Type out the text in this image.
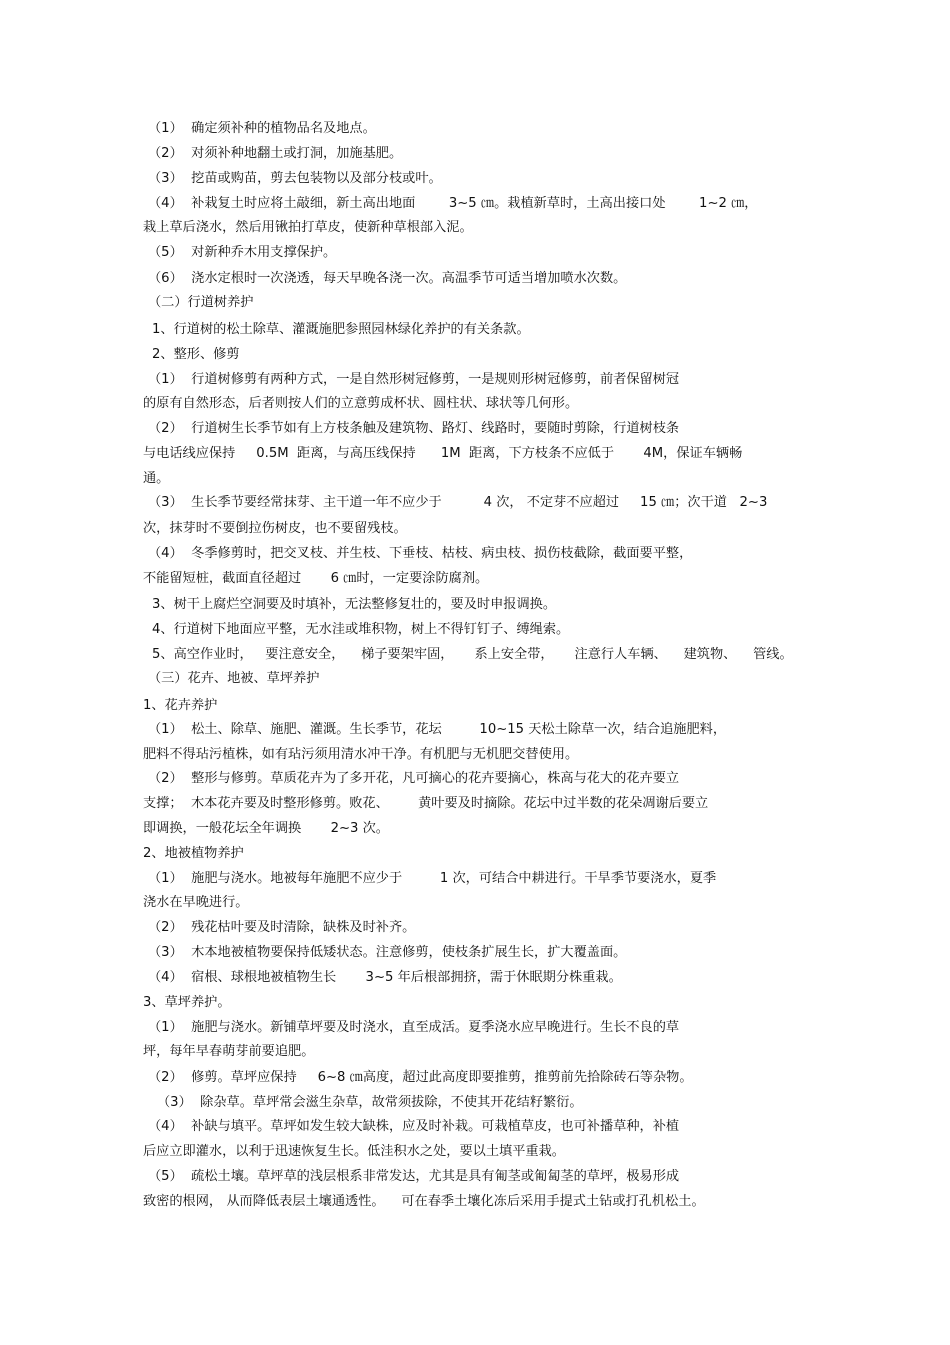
（1）  确定须补种的植物品名及地点。

（2）  对须补种地翻土或打洞，加施基肥。

（3）  挖苗或购苗，剪去包装物以及部分枝或叶。

（4）  补栽复土时应将土敲细，新土高出地面        3~5 ㎝。栽植新草时，土高出接口处        1~2 ㎝，

栽上草后浇水，然后用锹拍打草皮，使新种草根部入泥。

（5）  对新种乔木用支撑保护。

（6）  浇水定根时一次浇透，每天早晚各浇一次。高温季节可适当增加喷水次数。

（二）行道树养护

1、行道树的松土除草、灌溉施肥参照园林绿化养护的有关条款。

2、整形、修剪

（1）  行道树修剪有两种方式，一是自然形树冠修剪，一是规则形树冠修剪，前者保留树冠

的原有自然形态，后者则按人们的立意剪成杯状、圆柱状、球状等几何形。

（2）  行道树生长季节如有上方枝条触及建筑物、路灯、线路时，要随时剪除，行道树枝条

与电话线应保持     0.5M  距离，与高压线保持      1M  距离，下方枝条不应低于       4M，保证车辆畅

通。

（3）  生长季节要经常抹芽、主干道一年不应少于          4 次， 不定芽不应超过     15 ㎝；次干道   2~3

次，抹芽时不要倒拉伤树皮，也不要留残枝。

（4）  冬季修剪时，把交叉枝、并生枝、下垂枝、枯枝、病虫枝、损伤枝截除，截面要平整，

不能留短桩，截面直径超过       6 ㎝时，一定要涂防腐剂。

3、树干上腐烂空洞要及时填补，无法整修复壮的，要及时申报调换。

4、行道树下地面应平整，无水洼或堆积物，树上不得钉钉子、缚绳索。

5、高空作业时，   要注意安全，    梯子要架牢固，     系上安全带，     注意行人车辆、    建筑物、    管线。

（三）花卉、地被、草坪养护

1、花卉养护

（1）  松土、除草、施肥、灌溉。生长季节，花坛         10~15 天松土除草一次，结合追施肥料，

肥料不得玷污植株，如有玷污须用清水冲干净。有机肥与无机肥交替使用。

（2）  整形与修剪。草质花卉为了多开花，凡可摘心的花卉要摘心，株高与花大的花卉要立

支撑；  木本花卉要及时整形修剪。败花、       黄叶要及时摘除。花坛中过半数的花朵凋谢后要立

即调换，一般花坛全年调换       2~3 次。

2、地被植物养护

（1）  施肥与浇水。地被每年施肥不应少于         1 次，可结合中耕进行。干旱季节要浇水，夏季

浇水在早晚进行。

（2）  残花枯叶要及时清除，缺株及时补齐。

（3）  木本地被植物要保持低矮状态。注意修剪，使枝条扩展生长，扩大覆盖面。

（4）  宿根、球根地被植物生长       3~5 年后根部拥挤，需于休眠期分株重栽。

3、草坪养护。

（1）  施肥与浇水。新铺草坪要及时浇水，直至成活。夏季浇水应早晚进行。生长不良的草

坪，每年早春萌芽前要追肥。

（2）  修剪。草坪应保持     6~8 ㎝高度，超过此高度即要推剪，推剪前先拾除砖石等杂物。

（3）  除杂草。草坪常会滋生杂草，故常须拔除，不使其开花结籽繁衍。

（4）  补缺与填平。草坪如发生较大缺株，应及时补栽。可栽植草皮，也可补播草种，补植

后应立即灌水，以利于迅速恢复生长。低洼积水之处，要以土填平重栽。

（5）  疏松土壤。草坪草的浅层根系非常发达，尤其是具有匍茎或匍匐茎的草坪，极易形成

致密的根网， 从而降低表层土壤通透性。    可在春季土壤化冻后采用手提式土钻或打孔机松土。
